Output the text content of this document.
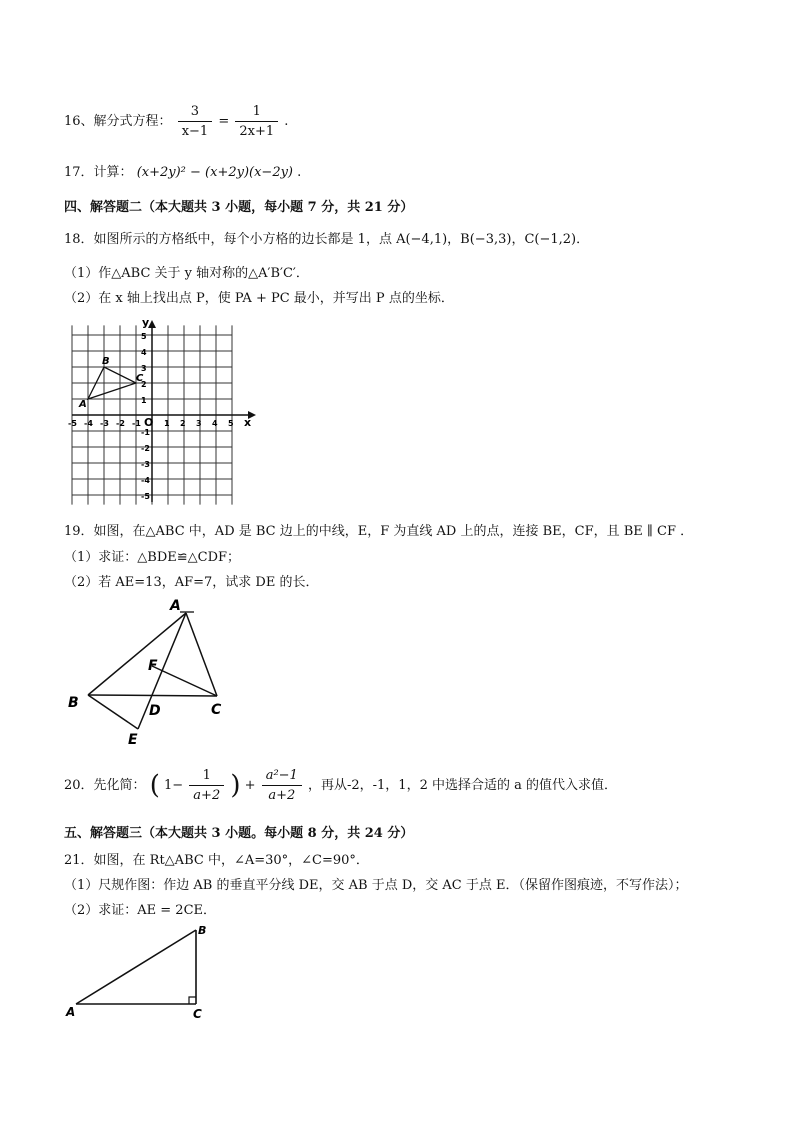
16、解分式方程： $\frac{3}{x-1} = \frac{1}{2x+1}$ .
17．计算： (x+2y)² − (x+2y)(x−2y) .
四、解答题二（本大题共 3 小题，每小题 7 分，共 21 分）
18．如图所示的方格纸中，每个小方格的边长都是 1，点 A(−4,1)，B(−3,3)，C(−1,2)．
（1）作△ABC 关于 y 轴对称的△A′B′C′．
（2）在 x 轴上找出点 P，使 PA + PC 最小，并写出 P 点的坐标．
x
y
O
-5 -4 -3 -2 -1	1 2 3 4 5
5
4
3
2
1
-1
-2
-3
-4
-5
A
B
C
19．如图，在△ABC 中，AD 是 BC 边上的中线，E，F 为直线 AD 上的点，连接 BE，CF，且 BE ∥ CF ．
（1）求证：△BDE≌△CDF；
（2）若 AE=13，AF=7，试求 DE 的长．
A
B	C
D
E
F
20．先化简： ( $1- \frac{1}{a+2}$ ) + $\frac{\text{a²−1}}{a+2}$ ，再从-2，-1，1，2 中选择合适的 a 的值代入求值．
五、解答题三（本大题共 3 小题。每小题 8 分，共 24 分）
21．如图，在 Rt△ABC 中，∠A=30°，∠C=90°．
（1）尺规作图：作边 AB 的垂直平分线 DE，交 AB 于点 D，交 AC 于点 E．（保留作图痕迹，不写作法）；
（2）求证：AE = 2CE．
A
B
C
